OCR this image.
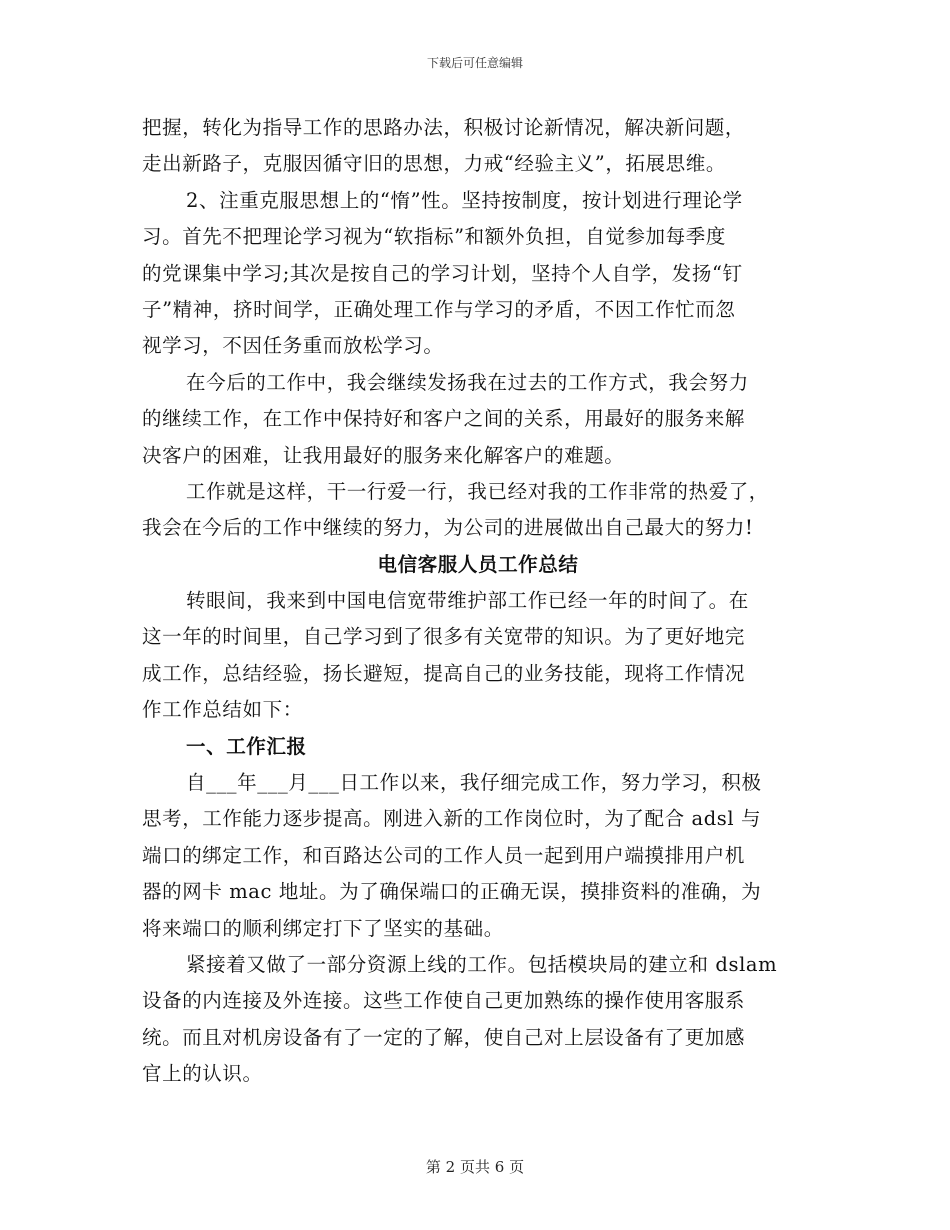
下载后可任意编辑
把握，转化为指导工作的思路办法，积极讨论新情况，解决新问题，
走出新路子，克服因循守旧的思想，力戒“经验主义”，拓展思维。
2、注重克服思想上的“惰”性。坚持按制度，按计划进行理论学
习。首先不把理论学习视为“软指标”和额外负担，自觉参加每季度
的党课集中学习;其次是按自己的学习计划，坚持个人自学，发扬“钉
子”精神，挤时间学，正确处理工作与学习的矛盾，不因工作忙而忽
视学习，不因任务重而放松学习。
在今后的工作中，我会继续发扬我在过去的工作方式，我会努力
的继续工作，在工作中保持好和客户之间的关系，用最好的服务来解
决客户的困难，让我用最好的服务来化解客户的难题。
工作就是这样，干一行爱一行，我已经对我的工作非常的热爱了，
我会在今后的工作中继续的努力，为公司的进展做出自己最大的努力!
电信客服人员工作总结
转眼间，我来到中国电信宽带维护部工作已经一年的时间了。在
这一年的时间里，自己学习到了很多有关宽带的知识。为了更好地完
成工作，总结经验，扬长避短，提高自己的业务技能，现将工作情况
作工作总结如下：
一、工作汇报
自___年___月___日工作以来，我仔细完成工作，努力学习，积极
思考，工作能力逐步提高。刚进入新的工作岗位时，为了配合 adsl 与
端口的绑定工作，和百路达公司的工作人员一起到用户端摸排用户机
器的网卡 mac 地址。为了确保端口的正确无误，摸排资料的准确，为
将来端口的顺利绑定打下了坚实的基础。
紧接着又做了一部分资源上线的工作。包括模块局的建立和 dslam
设备的内连接及外连接。这些工作使自己更加熟练的操作使用客服系
统。而且对机房设备有了一定的了解，使自己对上层设备有了更加感
官上的认识。
第 2 页共 6 页
